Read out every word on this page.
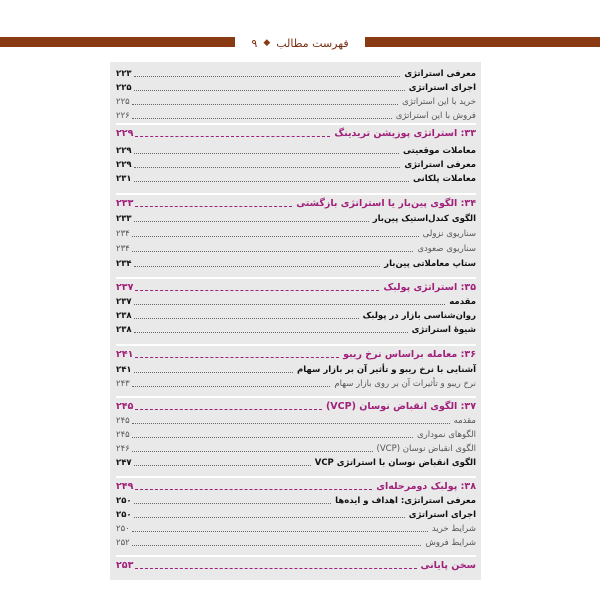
فهرست مطالب
◆
۹
معرفی استراتژی
۲۲۳
اجرای استراتژی
۲۲۵
خرید با این استراتژی
۲۲۵
فروش با این استراتژی
۲۲۶
۳۳: استراتژی پوزیشن تریدینگ
۲۲۹
معاملات موقعیتی
۲۲۹
معرفی استراتژی
۲۲۹
معاملات پلکانی
۲۳۱
۳۴: الگوی پین‌بار یا استراتژی بازگشتی
۲۳۳
الگوی کندل‌استیک پین‌بار
۲۳۳
سناریوی نزولی
۲۳۴
سناریوی صعودی
۲۳۴
ستاپ معاملاتی پین‌بار
۲۳۴
۳۵: استراتژی پولبک
۲۳۷
مقدمه
۲۳۷
روان‌شناسی بازار در پولبک
۲۳۸
شیوهٔ استراتژی
۲۳۸
۳۶: معامله براساس نرخ ریبو
۲۴۱
آشنایی با نرخ ریبو و تأثیر آن بر بازار سهام
۲۴۱
نرخ ریبو و تأثیرات آن بر روی بازار سهام
۲۴۳
۳۷: الگوی انقباض نوسان (VCP)
۲۴۵
مقدمه
۲۴۵
الگوهای نموداری
۲۴۵
الگوی انقباض نوسان (VCP)
۲۴۶
الگوی انقباض نوسان با استراتژی VCP
۲۴۷
۳۸: پولبک دومرحله‌ای
۲۴۹
معرفی استراتژی: اهداف و ایده‌ها
۲۵۰
اجرای استراتژی
۲۵۰
شرایط خرید
۲۵۰
شرایط فروش
۲۵۲
سخن پایانی
۲۵۳
